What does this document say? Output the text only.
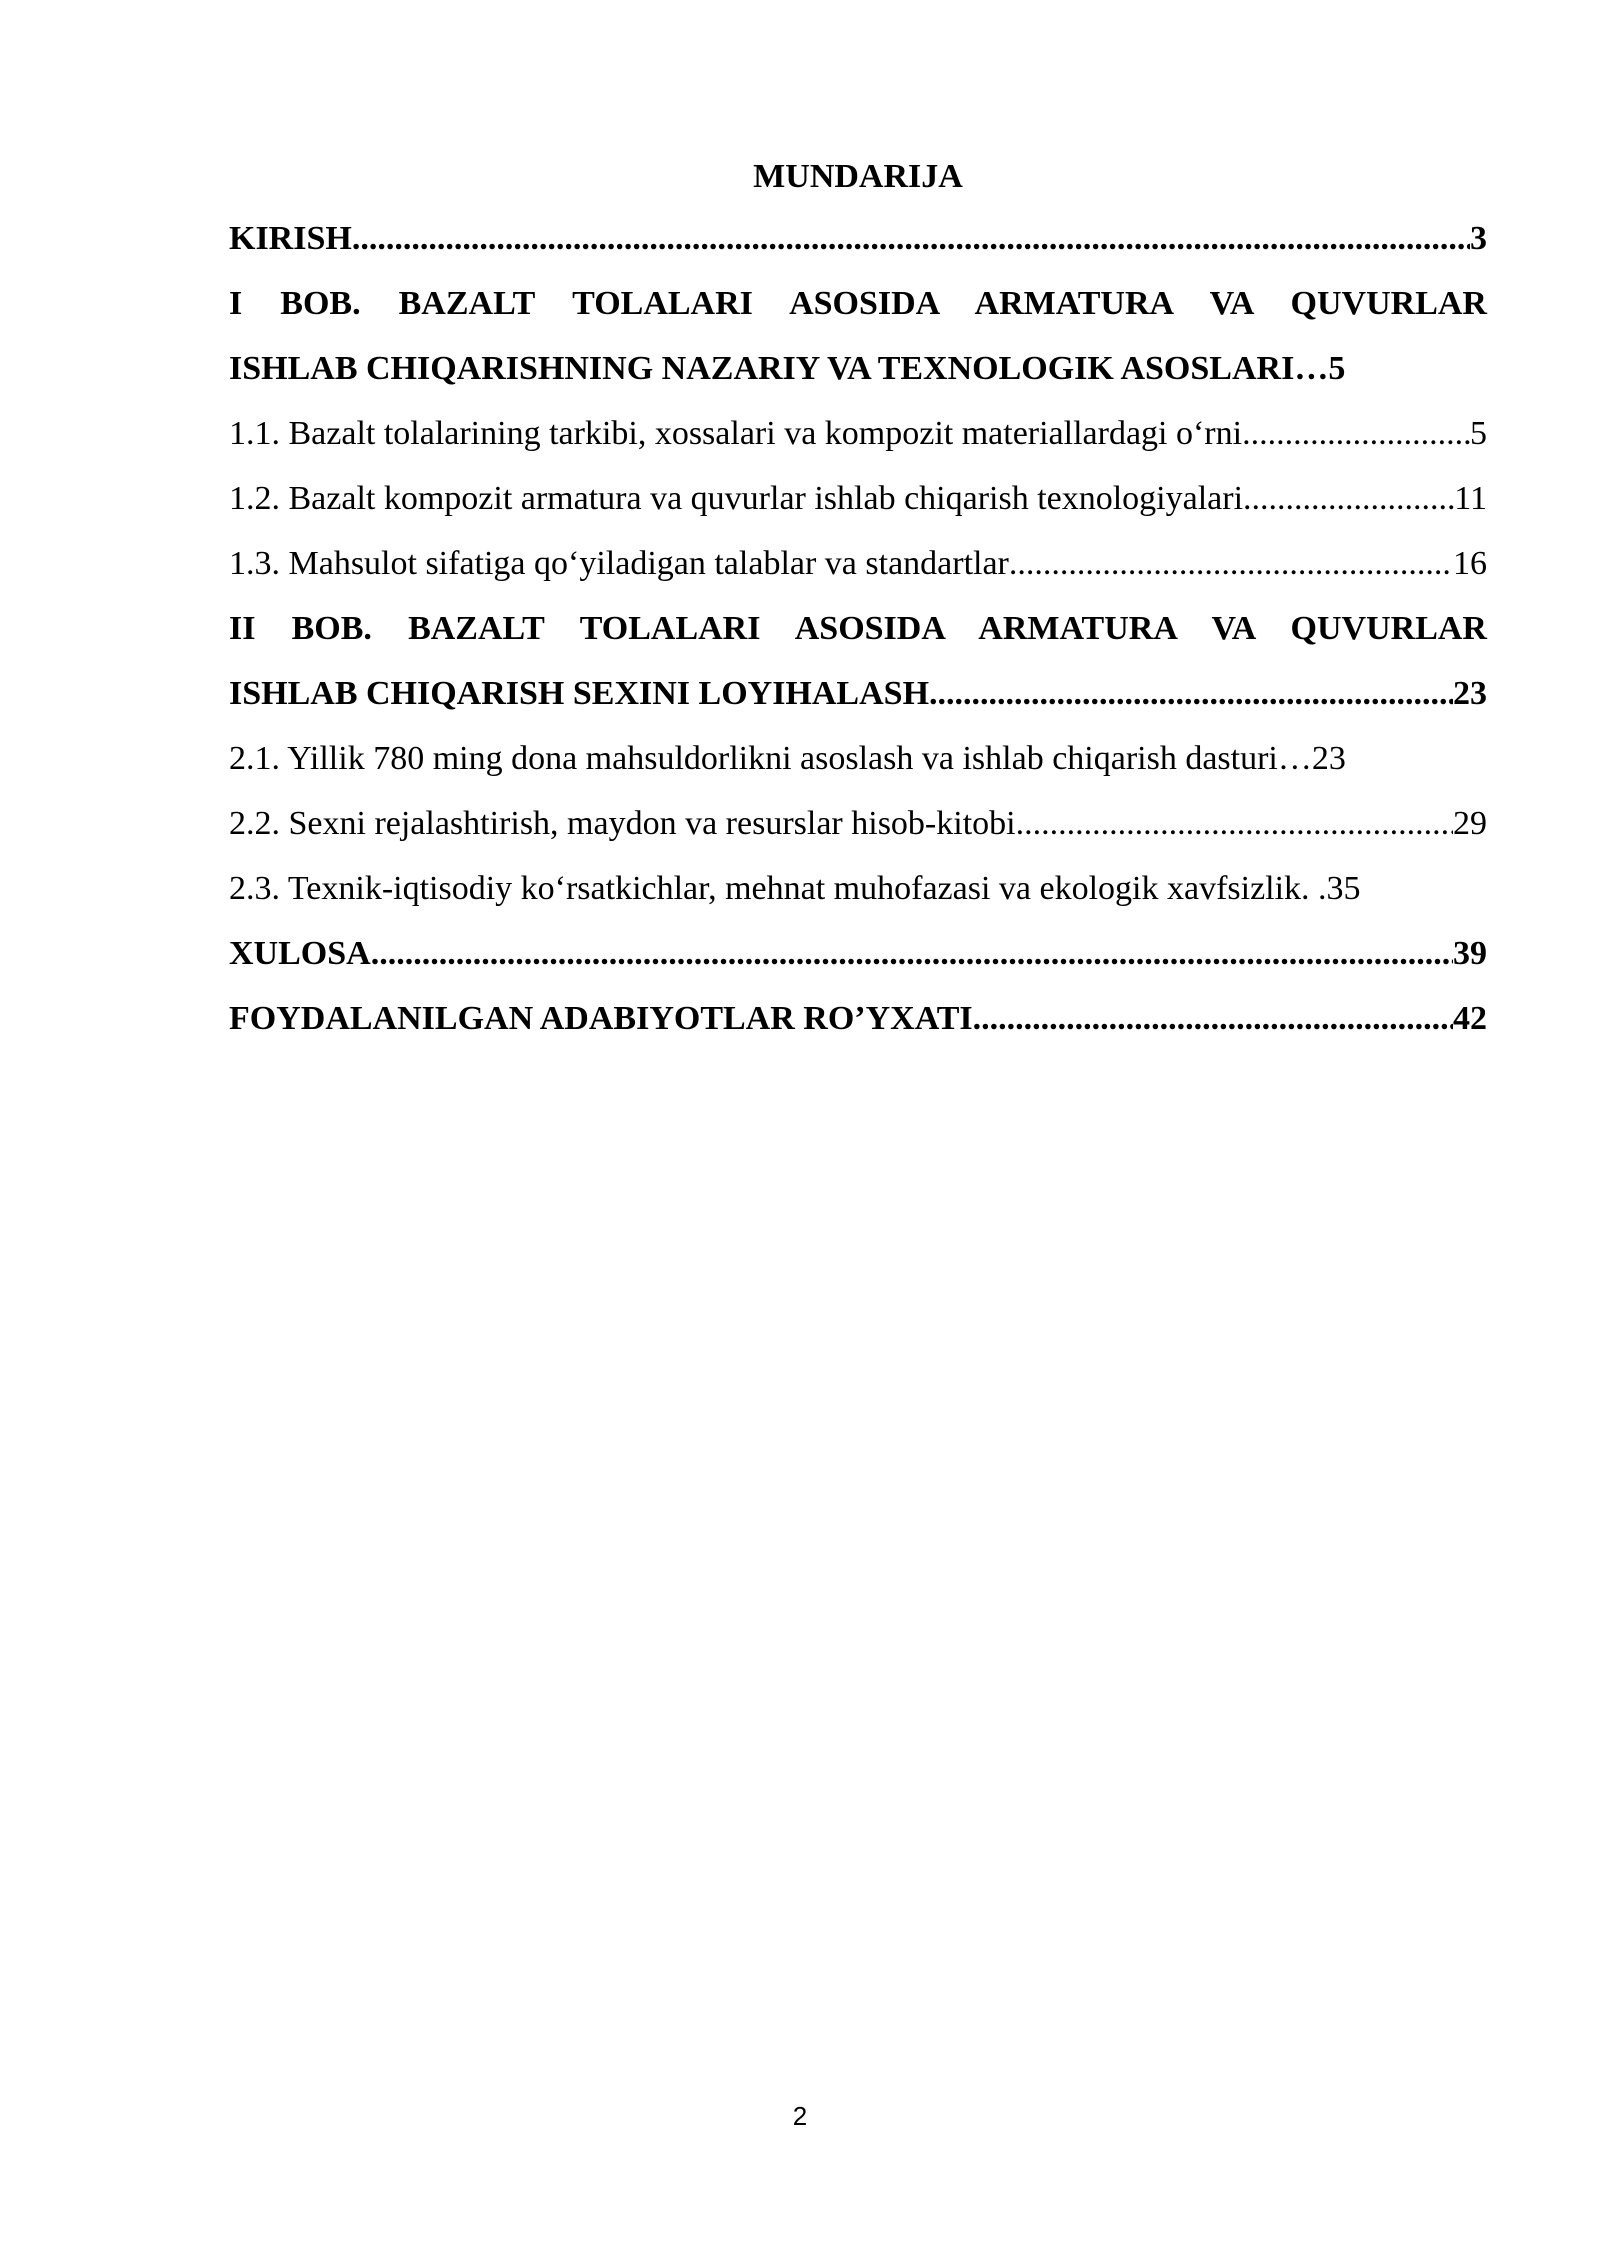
MUNDARIJA
KIRISH .....	3
I BOB. BAZALT TOLALARI ASOSIDA ARMATURA VA QUVURLAR
ISHLAB CHIQARISHNING NAZARIY VA TEXNOLOGIK ASOSLARI … 5
1.1. Bazalt tolalarining tarkibi, xossalari va kompozit materiallardagi o‘rni .....	5
1.2. Bazalt kompozit armatura va quvurlar ishlab chiqarish texnologiyalari .....	11
1.3. Mahsulot sifatiga qo‘yiladigan talablar va standartlar .....	16
II BOB. BAZALT TOLALARI ASOSIDA ARMATURA VA QUVURLAR
ISHLAB CHIQARISH SEXINI LOYIHALASH .....	23
2.1. Yillik 780 ming dona mahsuldorlikni asoslash va ishlab chiqarish dasturi … 23
2.2. Sexni rejalashtirish, maydon va resurslar hisob-kitobi .....	29
2.3. Texnik-iqtisodiy ko‘rsatkichlar, mehnat muhofazasi va ekologik xavfsizlik. . 35
XULOSA .....	39
FOYDALANILGAN ADABIYOTLAR RO’YXATI .....	42
2
